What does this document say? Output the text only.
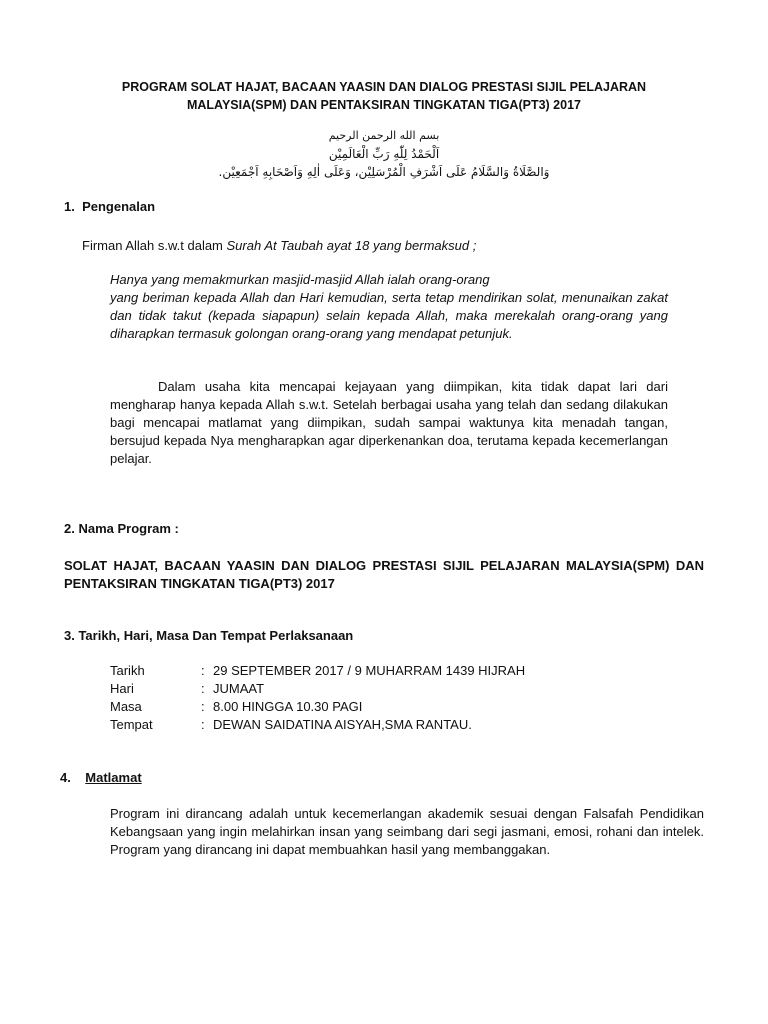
PROGRAM SOLAT HAJAT, BACAAN YAASIN DAN DIALOG PRESTASI SIJIL PELAJARAN MALAYSIA(SPM) DAN PENTAKSIRAN TINGKATAN TIGA(PT3) 2017
بسم الله الرحمن الرحيم
اَلْحَمْدُ لِلّٰهِ رَبِّ الْعَالَمِيْن
وَالصَّلَاةُ وَالسَّلَامُ عَلَى اَشْرَفِ الْمُرْسَلِيْن، وَعَلَى اٰلِهِ وَاَصْحَابِهِ اَجْمَعِيْن.
1. Pengenalan
Firman Allah s.w.t dalam Surah At Taubah ayat 18 yang bermaksud ;
Hanya yang memakmurkan masjid-masjid Allah ialah orang-orang
yang beriman kepada Allah dan Hari kemudian, serta tetap mendirikan solat, menunaikan zakat dan tidak takut (kepada siapapun) selain kepada Allah, maka merekalah orang-orang yang diharapkan termasuk golongan orang-orang yang mendapat petunjuk.
Dalam usaha kita mencapai kejayaan yang diimpikan, kita tidak dapat lari dari mengharap hanya kepada Allah s.w.t. Setelah berbagai usaha yang telah dan sedang dilakukan bagi mencapai matlamat yang diimpikan, sudah sampai waktunya kita menadah tangan, bersujud kepada Nya mengharapkan agar diperkenankan doa, terutama kepada kecemerlangan pelajar.
2. Nama Program :
SOLAT HAJAT, BACAAN YAASIN DAN DIALOG PRESTASI SIJIL PELAJARAN MALAYSIA(SPM) DAN PENTAKSIRAN TINGKATAN TIGA(PT3) 2017
3. Tarikh, Hari, Masa Dan Tempat Perlaksanaan
Tarikh	: 29 SEPTEMBER 2017 / 9 MUHARRAM 1439 HIJRAH
Hari	: JUMAAT
Masa	: 8.00 HINGGA 10.30 PAGI
Tempat	: DEWAN SAIDATINA AISYAH,SMA RANTAU.
4. Matlamat
Program ini dirancang adalah untuk kecemerlangan akademik sesuai dengan Falsafah Pendidikan Kebangsaan yang ingin melahirkan insan yang seimbang dari segi jasmani, emosi, rohani dan intelek. Program yang dirancang ini dapat membuahkan hasil yang membanggakan.
